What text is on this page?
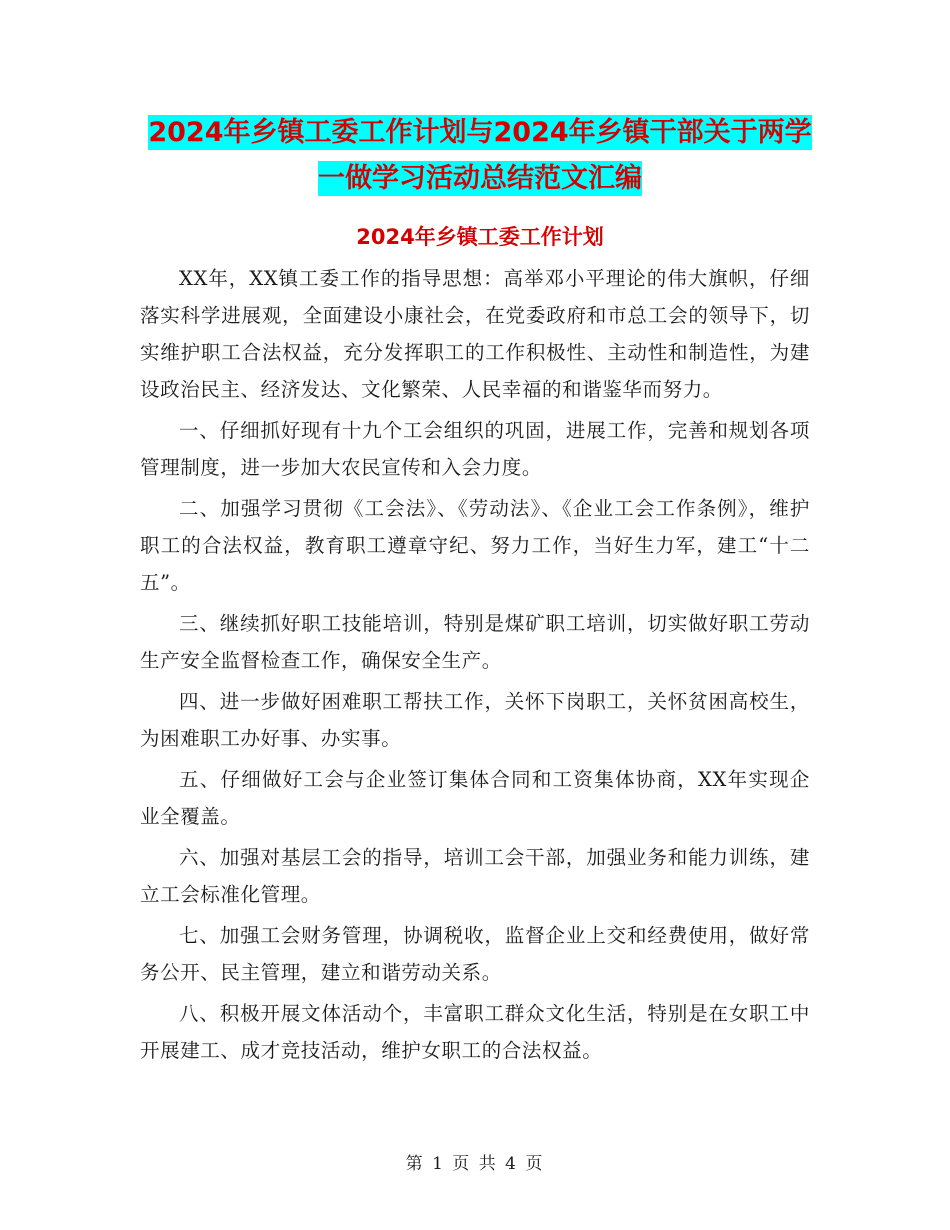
2024年乡镇工委工作计划与2024年乡镇干部关于两学
一做学习活动总结范文汇编
2024年乡镇工委工作计划

XX年，XX镇工委工作的指导思想：高举邓小平理论的伟大旗帜，仔细落实科学进展观，全面建设小康社会，在党委政府和市总工会的领导下，切实维护职工合法权益，充分发挥职工的工作积极性、主动性和制造性，为建设政治民主、经济发达、文化繁荣、人民幸福的和谐鉴华而努力。

一、仔细抓好现有十九个工会组织的巩固，进展工作，完善和规划各项管理制度，进一步加大农民宣传和入会力度。

二、加强学习贯彻《工会法》、《劳动法》、《企业工会工作条例》，维护职工的合法权益，教育职工遵章守纪、努力工作，当好生力军，建工“十二五”。

三、继续抓好职工技能培训，特别是煤矿职工培训，切实做好职工劳动生产安全监督检查工作，确保安全生产。

四、进一步做好困难职工帮扶工作，关怀下岗职工，关怀贫困高校生，为困难职工办好事、办实事。

五、仔细做好工会与企业签订集体合同和工资集体协商，XX年实现企业全覆盖。

六、加强对基层工会的指导，培训工会干部，加强业务和能力训练，建立工会标准化管理。

七、加强工会财务管理，协调税收，监督企业上交和经费使用，做好常务公开、民主管理，建立和谐劳动关系。

八、积极开展文体活动个，丰富职工群众文化生活，特别是在女职工中开展建工、成才竞技活动，维护女职工的合法权益。

第 1 页 共 4 页
